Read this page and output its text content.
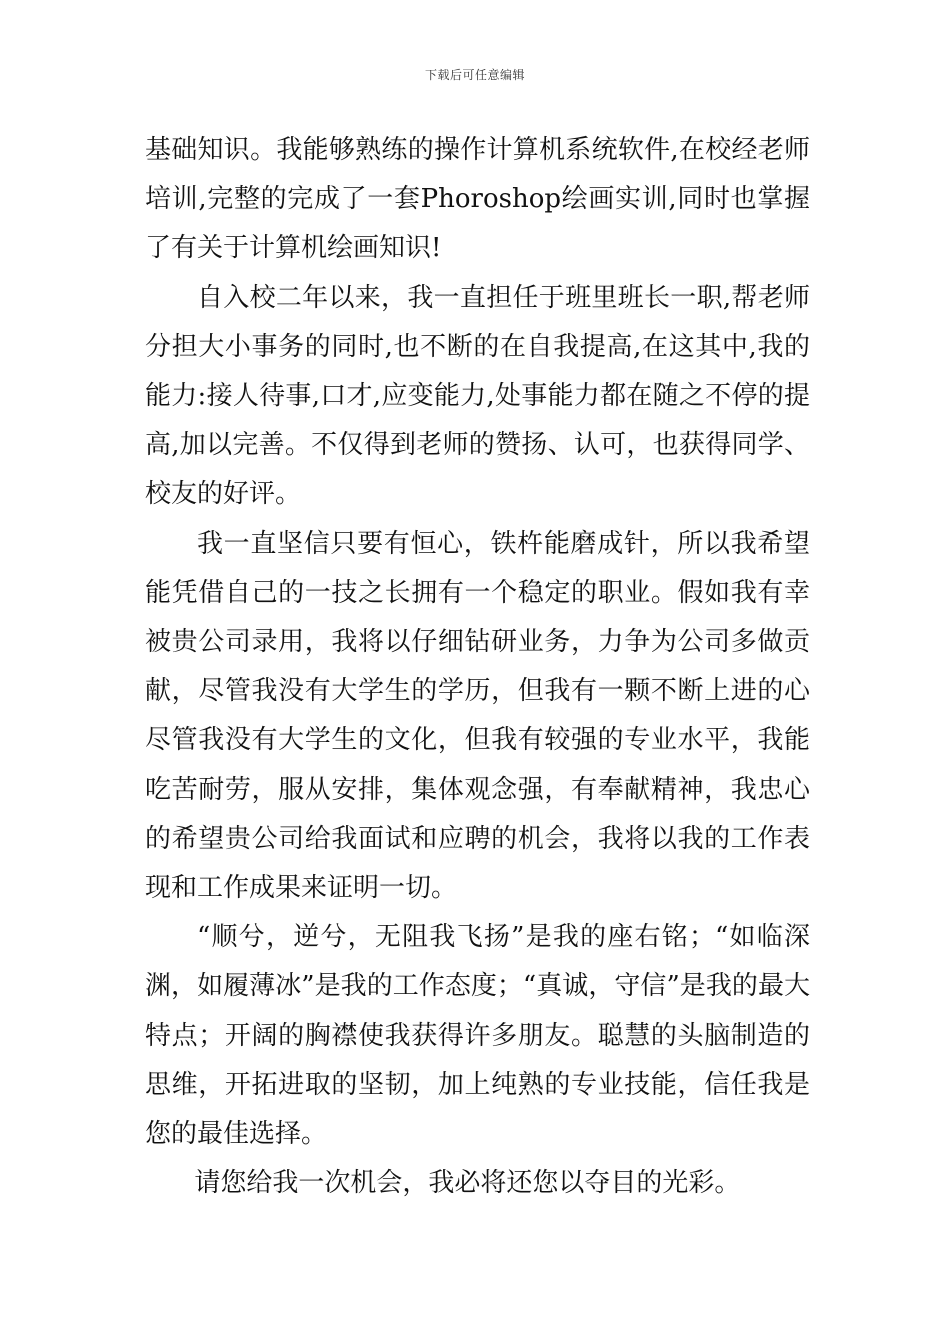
下载后可任意编辑

基础知识。我能够熟练的操作计算机系统软件,在校经老师培训,完整的完成了一套Phoroshop绘画实训,同时也掌握了有关于计算机绘画知识!

自入校二年以来，我一直担任于班里班长一职,帮老师分担大小事务的同时,也不断的在自我提高,在这其中,我的能力:接人待事,口才,应变能力,处事能力都在随之不停的提高,加以完善。不仅得到老师的赞扬、认可，也获得同学、校友的好评。

我一直坚信只要有恒心，铁杵能磨成针，所以我希望能凭借自己的一技之长拥有一个稳定的职业。假如我有幸被贵公司录用，我将以仔细钻研业务，力争为公司多做贡献，尽管我没有大学生的学历，但我有一颗不断上进的心尽管我没有大学生的文化，但我有较强的专业水平，我能吃苦耐劳，服从安排，集体观念强，有奉献精神，我忠心的希望贵公司给我面试和应聘的机会，我将以我的工作表现和工作成果来证明一切。

“顺兮，逆兮，无阻我飞扬”是我的座右铭；“如临深渊，如履薄冰”是我的工作态度；“真诚，守信”是我的最大特点；开阔的胸襟使我获得许多朋友。聪慧的头脑制造的思维，开拓进取的坚韧，加上纯熟的专业技能，信任我是您的最佳选择。

请您给我一次机会，我必将还您以夺目的光彩。
